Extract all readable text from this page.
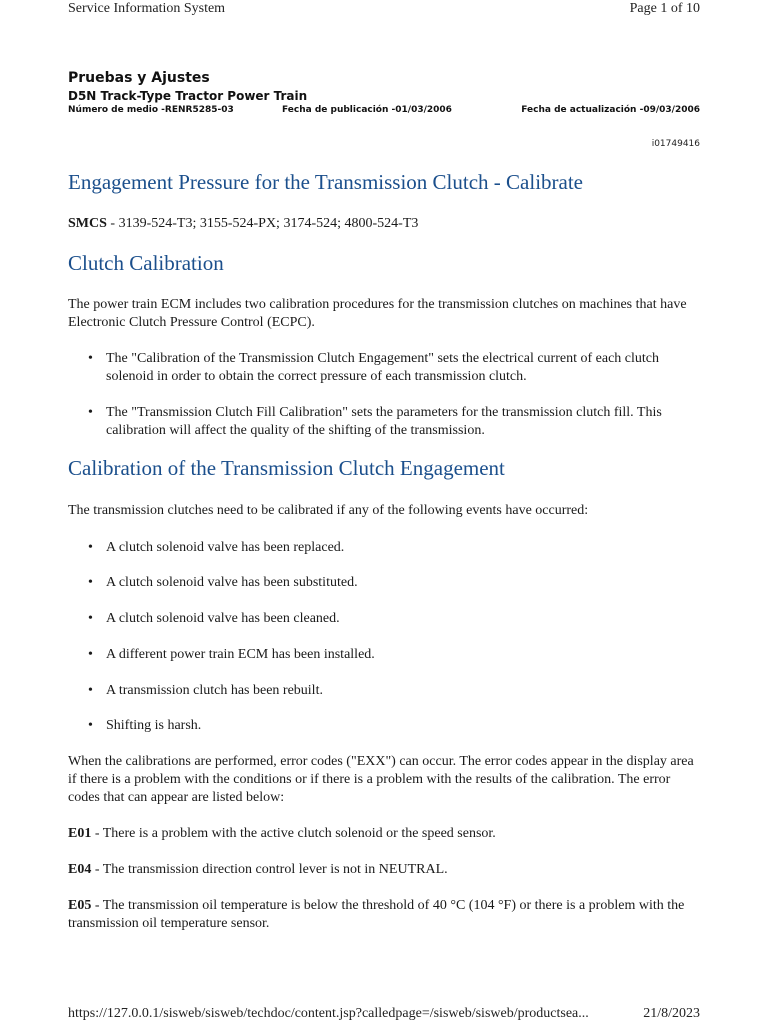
Service Information System	Page 1 of 10
Pruebas y Ajustes
D5N Track-Type Tractor Power Train
Número de medio -RENR5285-03	Fecha de publicación -01/03/2006	Fecha de actualización -09/03/2006
i01749416
Engagement Pressure for the Transmission Clutch - Calibrate

SMCS - 3139-524-T3; 3155-524-PX; 3174-524; 4800-524-T3

Clutch Calibration

The power train ECM includes two calibration procedures for the transmission clutches on machines that have Electronic Clutch Pressure Control (ECPC).

• The "Calibration of the Transmission Clutch Engagement" sets the electrical current of each clutch solenoid in order to obtain the correct pressure of each transmission clutch.
• The "Transmission Clutch Fill Calibration" sets the parameters for the transmission clutch fill. This calibration will affect the quality of the shifting of the transmission.
Calibration of the Transmission Clutch Engagement

The transmission clutches need to be calibrated if any of the following events have occurred:

• A clutch solenoid valve has been replaced.
• A clutch solenoid valve has been substituted.
• A clutch solenoid valve has been cleaned.
• A different power train ECM has been installed.
• A transmission clutch has been rebuilt.
• Shifting is harsh.

When the calibrations are performed, error codes ("EXX") can occur. The error codes appear in the display area if there is a problem with the conditions or if there is a problem with the results of the calibration. The error codes that can appear are listed below:

E01 - There is a problem with the active clutch solenoid or the speed sensor.

E04 - The transmission direction control lever is not in NEUTRAL.

E05 - The transmission oil temperature is below the threshold of 40 °C (104 °F) or there is a problem with the transmission oil temperature sensor.

https://127.0.0.1/sisweb/sisweb/techdoc/content.jsp?calledpage=/sisweb/sisweb/productsea...	21/8/2023
